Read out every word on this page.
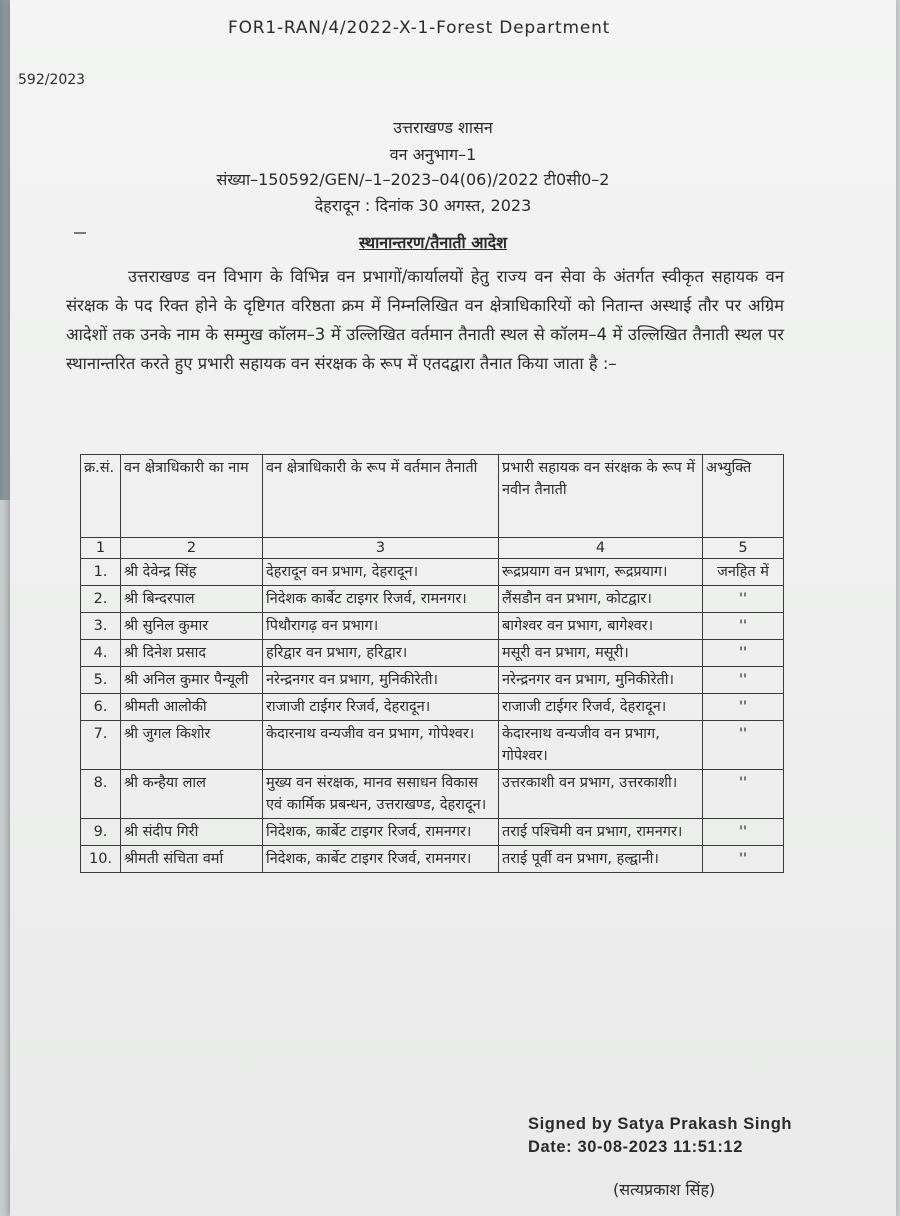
FOR1-RAN/4/2022-X-1-Forest Department
592/2023
उत्तराखण्ड शासन
वन अनुभाग–1
संख्या–150592/GEN/–1–2023–04(06)/2022 टी0सी0–2
देहरादून : दिनांक 30 अगस्त, 2023
स्थानान्तरण/तैनाती आदेश
उत्तराखण्ड वन विभाग के विभिन्न वन प्रभागों/कार्यालयों हेतु राज्य वन सेवा के अंतर्गत स्वीकृत सहायक वन संरक्षक के पद रिक्त होने के दृष्टिगत वरिष्ठता क्रम में निम्नलिखित वन क्षेत्राधिकारियों को नितान्त अस्थाई तौर पर अग्रिम आदेशों तक उनके नाम के सम्मुख कॉलम–3 में उल्लिखित वर्तमान तैनाती स्थल से कॉलम–4 में उल्लिखित तैनाती स्थल पर स्थानान्तरित करते हुए प्रभारी सहायक वन संरक्षक के रूप में एतदद्वारा तैनात किया जाता है :–
क्र.सं.	वन क्षेत्राधिकारी का नाम	वन क्षेत्राधिकारी के रूप में वर्तमान तैनाती	प्रभारी सहायक वन संरक्षक के रूप में नवीन तैनाती	अभ्युक्ति
1	2	3	4	5
1.	श्री देवेन्द्र सिंह	देहरादून वन प्रभाग, देहरादून।	रूद्रप्रयाग वन प्रभाग, रूद्रप्रयाग।	जनहित में
2.	श्री बिन्दरपाल	निदेशक कार्बेट टाइगर रिजर्व, रामनगर।	लैंसडौन वन प्रभाग, कोटद्वार।	''
3.	श्री सुनिल कुमार	पिथौरागढ़ वन प्रभाग।	बागेश्वर वन प्रभाग, बागेश्वर।	''
4.	श्री दिनेश प्रसाद	हरिद्वार वन प्रभाग, हरिद्वार।	मसूरी वन प्रभाग, मसूरी।	''
5.	श्री अनिल कुमार पैन्यूली	नरेन्द्रनगर वन प्रभाग, मुनिकीरेती।	नरेन्द्रनगर वन प्रभाग, मुनिकीरेती।	''
6.	श्रीमती आलोकी	राजाजी टाईगर रिजर्व, देहरादून।	राजाजी टाईगर रिजर्व, देहरादून।	''
7.	श्री जुगल किशोर	केदारनाथ वन्यजीव वन प्रभाग, गोपेश्वर।	केदारनाथ वन्यजीव वन प्रभाग, गोपेश्वर।	''
8.	श्री कन्हैया लाल	मुख्य वन संरक्षक, मानव ससाधन विकास एवं कार्मिक प्रबन्धन, उत्तराखण्ड, देहरादून।	उत्तरकाशी वन प्रभाग, उत्तरकाशी।	''
9.	श्री संदीप गिरी	निदेशक, कार्बेट टाइगर रिजर्व, रामनगर।	तराई पश्चिमी वन प्रभाग, रामनगर।	''
10.	श्रीमती संचिता वर्मा	निदेशक, कार्बेट टाइगर रिजर्व, रामनगर।	तराई पूर्वी वन प्रभाग, हल्द्वानी।	''
Signed by Satya Prakash Singh
Date: 30-08-2023 11:51:12
(सत्यप्रकाश सिंह)
